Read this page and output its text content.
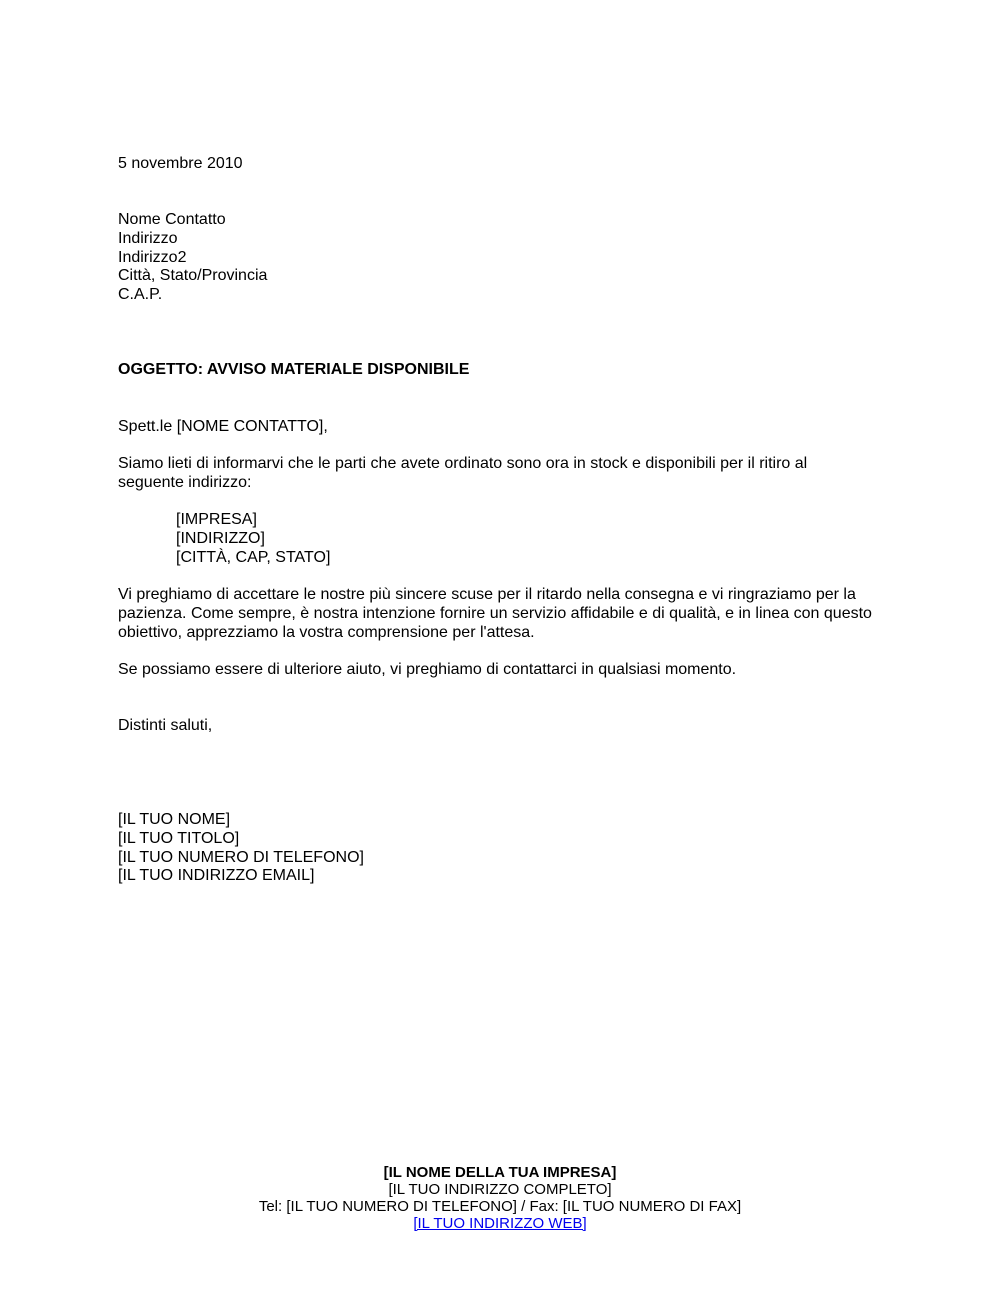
5 novembre 2010
Nome Contatto
Indirizzo
Indirizzo2
Città, Stato/Provincia
C.A.P.
OGGETTO: AVVISO MATERIALE DISPONIBILE
Spett.le [NOME CONTATTO],
Siamo lieti di informarvi che le parti che avete ordinato sono ora in stock e disponibili per il ritiro al seguente indirizzo:
[IMPRESA]
[INDIRIZZO]
[CITTÀ, CAP, STATO]
Vi preghiamo di accettare le nostre più sincere scuse per il ritardo nella consegna e vi ringraziamo per la pazienza. Come sempre, è nostra intenzione fornire un servizio affidabile e di qualità, e in linea con questo obiettivo, apprezziamo la vostra comprensione per l'attesa.
Se possiamo essere di ulteriore aiuto, vi preghiamo di contattarci in qualsiasi momento.
Distinti saluti,
[IL TUO NOME]
[IL TUO TITOLO]
[IL TUO NUMERO DI TELEFONO]
[IL TUO INDIRIZZO EMAIL]
[IL NOME DELLA TUA IMPRESA]
[IL TUO INDIRIZZO COMPLETO]
Tel: [IL TUO NUMERO DI TELEFONO] / Fax: [IL TUO NUMERO DI FAX]
[IL TUO INDIRIZZO WEB]
